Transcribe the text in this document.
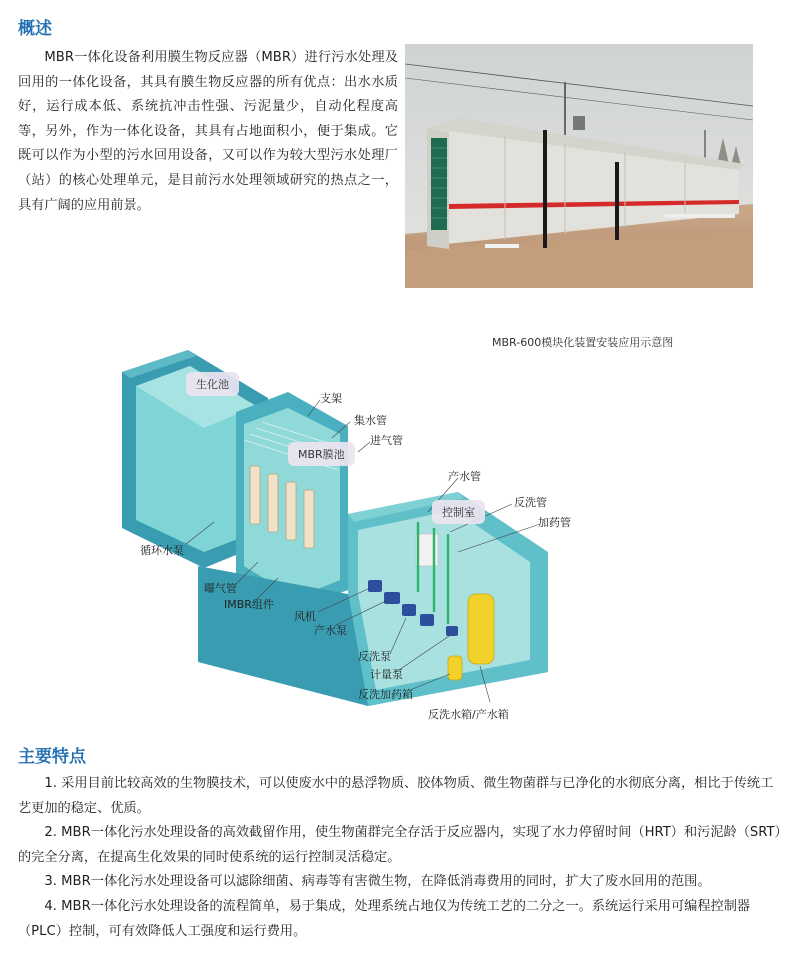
概述

MBR一体化设备利用膜生物反应器（MBR）进行污水处理及回用的一体化设备，其具有膜生物反应器的所有优点：出水水质好，运行成本低、系统抗冲击性强、污泥量少，自动化程度高等，另外，作为一体化设备，其具有占地面积小，便于集成。它既可以作为小型的污水回用设备，又可以作为较大型污水处理厂（站）的核心处理单元，是目前污水处理领域研究的热点之一，具有广阔的应用前景。

MBR-600模块化装置安装应用示意图
生化池
MBR膜池
控制室
支架
集水管
进气管
产水管
反洗管
加药管
循环水泵
曝气管
IMBR组件
风机
产水泵
反洗泵
计量泵
反洗加药箱
反洗水箱/产水箱
主要特点

1. 采用目前比较高效的生物膜技术，可以使废水中的悬浮物质、胶体物质、微生物菌群与已净化的水彻底分离，相比于传统工艺更加的稳定、优质。

2. MBR一体化污水处理设备的高效截留作用，使生物菌群完全存活于反应器内，实现了水力停留时间（HRT）和污泥龄（SRT）的完全分离，在提高生化效果的同时使系统的运行控制灵活稳定。

3. MBR一体化污水处理设备可以滤除细菌、病毒等有害微生物，在降低消毒费用的同时，扩大了废水回用的范围。

4. MBR一体化污水处理设备的流程简单，易于集成，处理系统占地仅为传统工艺的二分之一。系统运行采用可编程控制器（PLC）控制，可有效降低人工强度和运行费用。
